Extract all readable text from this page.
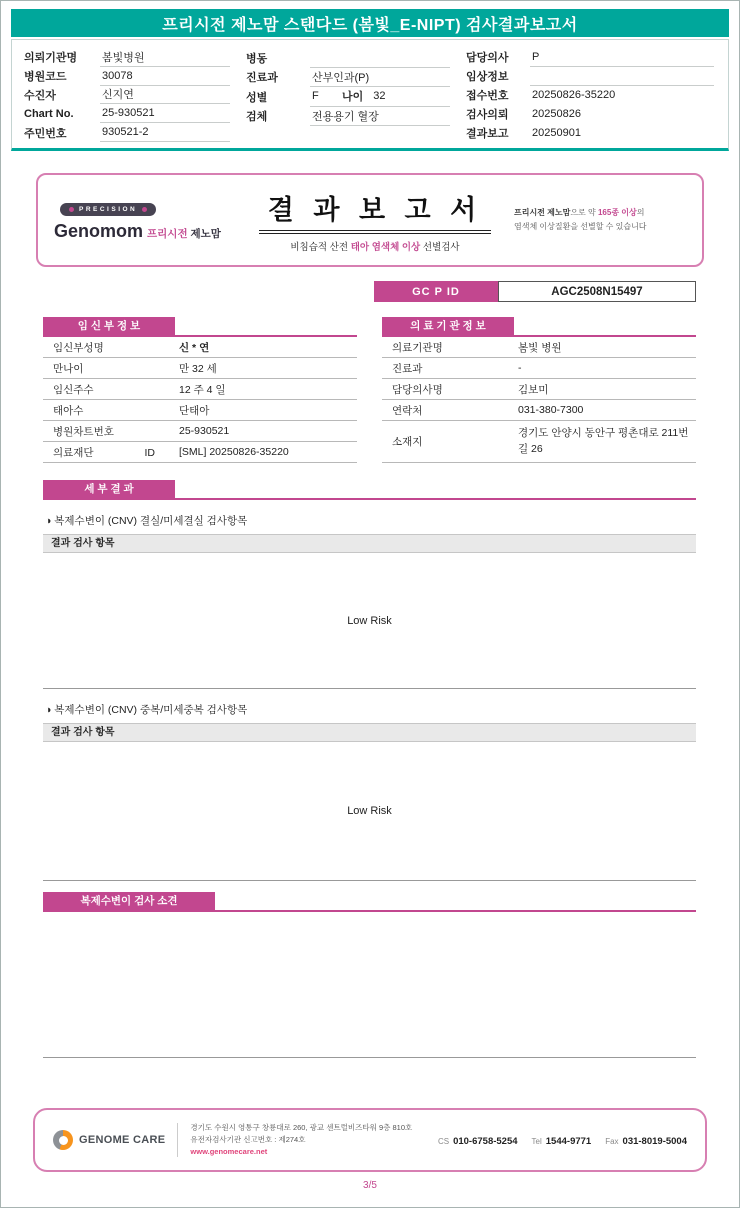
프리시전 제노맘 스탠다드 (봄빛_E-NIPT) 검사결과보고서
의뢰기관명	봄빛병원
병원코드	30078
수진자	신지연
Chart No.	25-930521
주민번호	930521-2
병동
진료과	산부인과(P)
성별	F	나이 32
검체	전용용기 혈장
담당의사	P
임상정보
접수번호	20250826-35220
검사의뢰	20250826
결과보고	20250901
PRECISION
Genomom 프리시전 제노맘
결 과 보 고 서
비침습적 산전 태아 염색체 이상 선별검사
프리시전 제노맘으로 약 165종 이상의
염색체 이상질환을 선별할 수 있습니다
GC P ID	AGC2508N15497
임 신 부 정 보
임신부성명	신 * 연
만나이	만 32 세
임신주수	12 주 4 일
태아수	단태아
병원차트번호	25-930521
의료재단 ID	[SML] 20250826-35220
의 료 기 관 정 보
의료기관명	봄빛 병원
진료과	-
담당의사명	김보미
연락처	031-380-7300
소재지
경기도 안양시 동안구 평촌대로 211번길 26
세 부 결 과
◑ 복제수변이 (CNV) 결실/미세결실 검사항목
결과 검사 항목
Low Risk
◑ 복제수변이 (CNV) 중복/미세중복 검사항목
결과 검사 항목
Low Risk
복제수변이 검사 소견
GENOME CARE
경기도 수원시 영통구 창룡대로 260, 광교 센트럴비즈타워 9층 810호
유전자검사기관 신고번호 : 제274호
www.genomecare.net
CS 010-6758-5254 Tel 1544-9771 Fax 031-8019-5004
3/5
